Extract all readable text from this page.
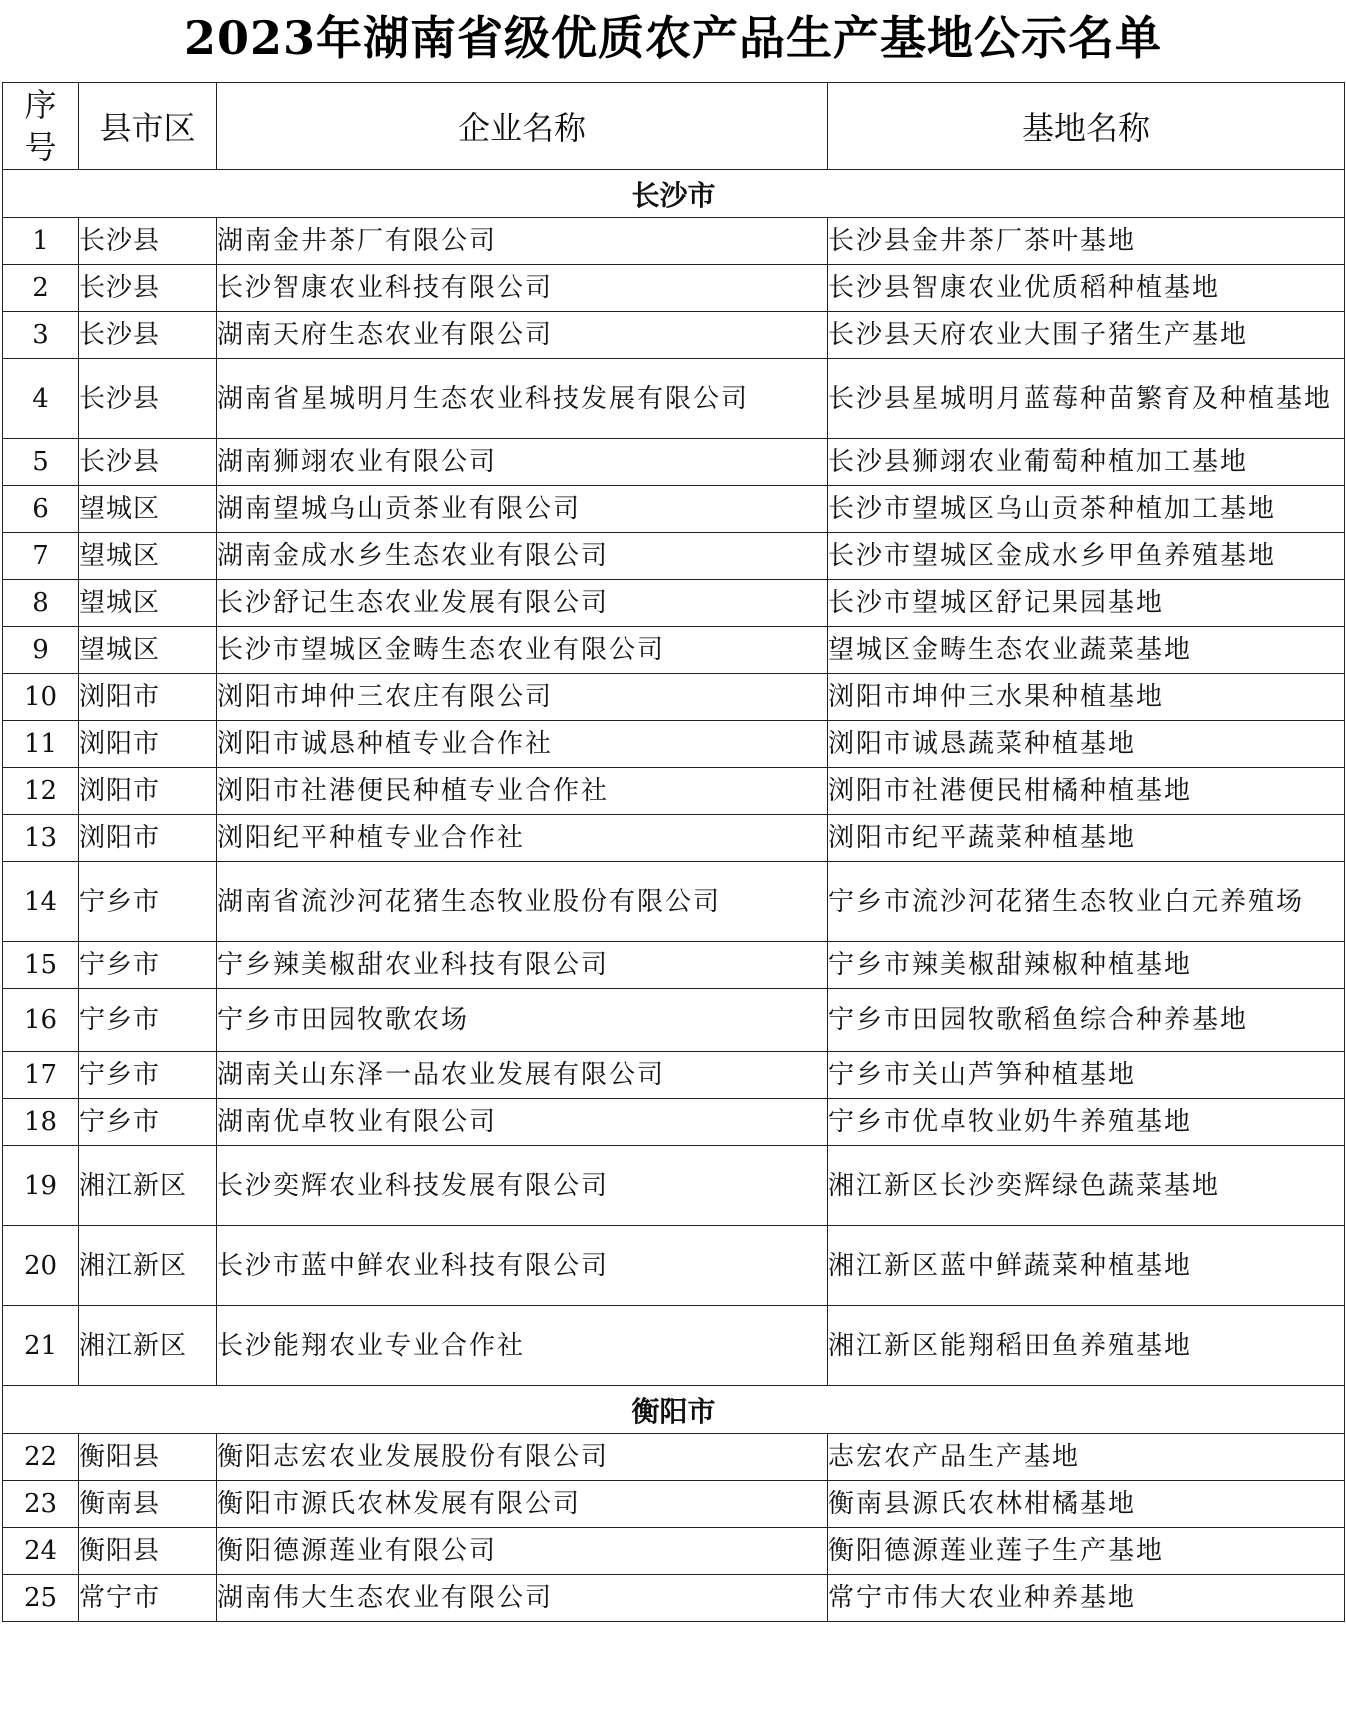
2023年湖南省级优质农产品生产基地公示名单
序
号	县市区	企业名称	基地名称
长沙市			
1	长沙县	湖南金井茶厂有限公司	长沙县金井茶厂茶叶基地
2	长沙县	长沙智康农业科技有限公司	长沙县智康农业优质稻种植基地
3	长沙县	湖南天府生态农业有限公司	长沙县天府农业大围子猪生产基地
4	长沙县	湖南省星城明月生态农业科技发展有限公司	长沙县星城明月蓝莓种苗繁育及种植基地
5	长沙县	湖南狮翊农业有限公司	长沙县狮翊农业葡萄种植加工基地
6	望城区	湖南望城乌山贡茶业有限公司	长沙市望城区乌山贡茶种植加工基地
7	望城区	湖南金成水乡生态农业有限公司	长沙市望城区金成水乡甲鱼养殖基地
8	望城区	长沙舒记生态农业发展有限公司	长沙市望城区舒记果园基地
9	望城区	长沙市望城区金畴生态农业有限公司	望城区金畴生态农业蔬菜基地
10	浏阳市	浏阳市坤仲三农庄有限公司	浏阳市坤仲三水果种植基地
11	浏阳市	浏阳市诚恳种植专业合作社	浏阳市诚恳蔬菜种植基地
12	浏阳市	浏阳市社港便民种植专业合作社	浏阳市社港便民柑橘种植基地
13	浏阳市	浏阳纪平种植专业合作社	浏阳市纪平蔬菜种植基地
14	宁乡市	湖南省流沙河花猪生态牧业股份有限公司	宁乡市流沙河花猪生态牧业白元养殖场
15	宁乡市	宁乡辣美椒甜农业科技有限公司	宁乡市辣美椒甜辣椒种植基地
16	宁乡市	宁乡市田园牧歌农场	宁乡市田园牧歌稻鱼综合种养基地
17	宁乡市	湖南关山东泽一品农业发展有限公司	宁乡市关山芦笋种植基地
18	宁乡市	湖南优卓牧业有限公司	宁乡市优卓牧业奶牛养殖基地
19	湘江新区	长沙奕辉农业科技发展有限公司	湘江新区长沙奕辉绿色蔬菜基地
20	湘江新区	长沙市蓝中鲜农业科技有限公司	湘江新区蓝中鲜蔬菜种植基地
21	湘江新区	长沙能翔农业专业合作社	湘江新区能翔稻田鱼养殖基地
衡阳市			
22	衡阳县	衡阳志宏农业发展股份有限公司	志宏农产品生产基地
23	衡南县	衡阳市源氏农林发展有限公司	衡南县源氏农林柑橘基地
24	衡阳县	衡阳德源莲业有限公司	衡阳德源莲业莲子生产基地
25	常宁市	湖南伟大生态农业有限公司	常宁市伟大农业种养基地
